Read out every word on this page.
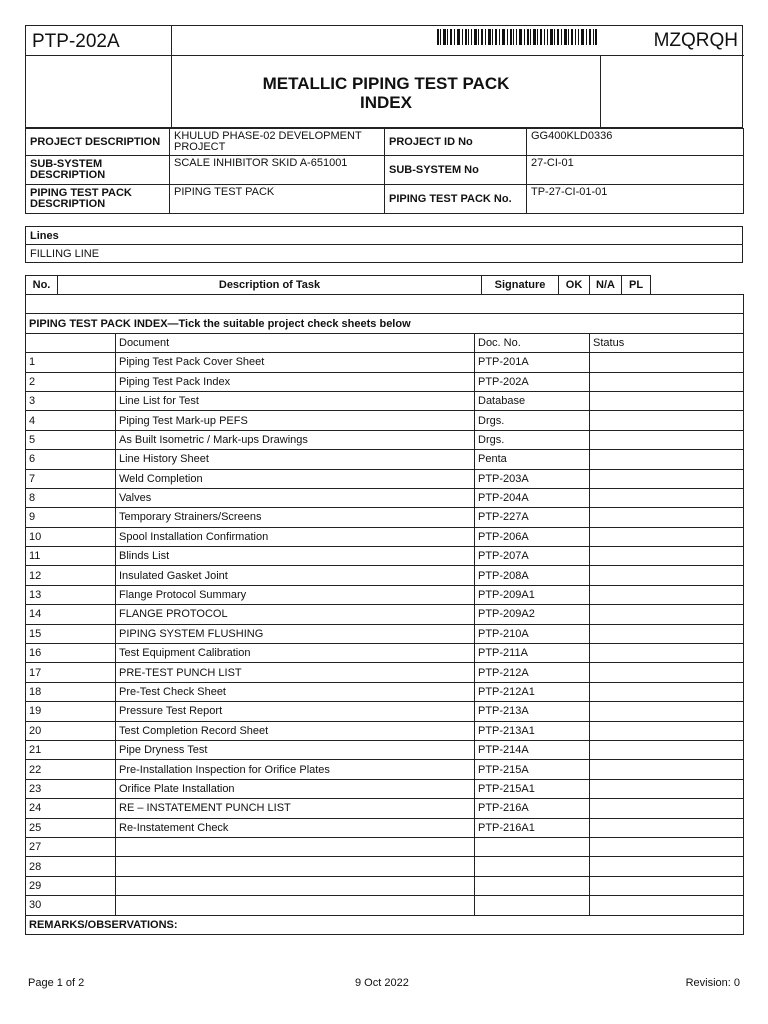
PTP-202A	MZQRQH
METALLIC PIPING TEST PACK
INDEX
PROJECT DESCRIPTION	KHULUD PHASE-02 DEVELOPMENT PROJECT	PROJECT ID No	GG400KLD0336
SUB-SYSTEM DESCRIPTION	SCALE INHIBITOR SKID A-651001	SUB-SYSTEM No	27-CI-01
PIPING TEST PACK DESCRIPTION	PIPING TEST PACK	PIPING TEST PACK No.	TP-27-CI-01-01
Lines
FILLING LINE
No.	Description of Task			Signature	OK	N/A	PL	

PIPING TEST PACK INDEX—Tick the suitable project check sheets below								
		Document	Doc. No.			Status		
1		Piping Test Pack Cover Sheet	PTP-201A					
2		Piping Test Pack Index	PTP-202A					
3		Line List for Test	Database					
4		Piping Test Mark-up PEFS	Drgs.					
5		As Built Isometric / Mark-ups Drawings	Drgs.					
6		Line History Sheet	Penta					
7		Weld Completion	PTP-203A					
8		Valves	PTP-204A					
9		Temporary Strainers/Screens	PTP-227A					
10		Spool Installation Confirmation	PTP-206A					
11		Blinds List	PTP-207A					
12		Insulated Gasket Joint	PTP-208A					
13		Flange Protocol Summary	PTP-209A1					
14		FLANGE PROTOCOL	PTP-209A2					
15		PIPING SYSTEM FLUSHING	PTP-210A					
16		Test Equipment Calibration	PTP-211A					
17		PRE-TEST PUNCH LIST	PTP-212A					
18		Pre-Test Check Sheet	PTP-212A1					
19		Pressure Test Report	PTP-213A					
20		Test Completion Record Sheet	PTP-213A1					
21		Pipe Dryness Test	PTP-214A					
22		Pre-Installation Inspection for Orifice Plates	PTP-215A					
23		Orifice Plate Installation	PTP-215A1					
24		RE – INSTATEMENT PUNCH LIST	PTP-216A					
25		Re-Instatement Check	PTP-216A1					
27								
28								
29								
30								
REMARKS/OBSERVATIONS:								
Page 1 of 2	9 Oct 2022	Revision: 0
